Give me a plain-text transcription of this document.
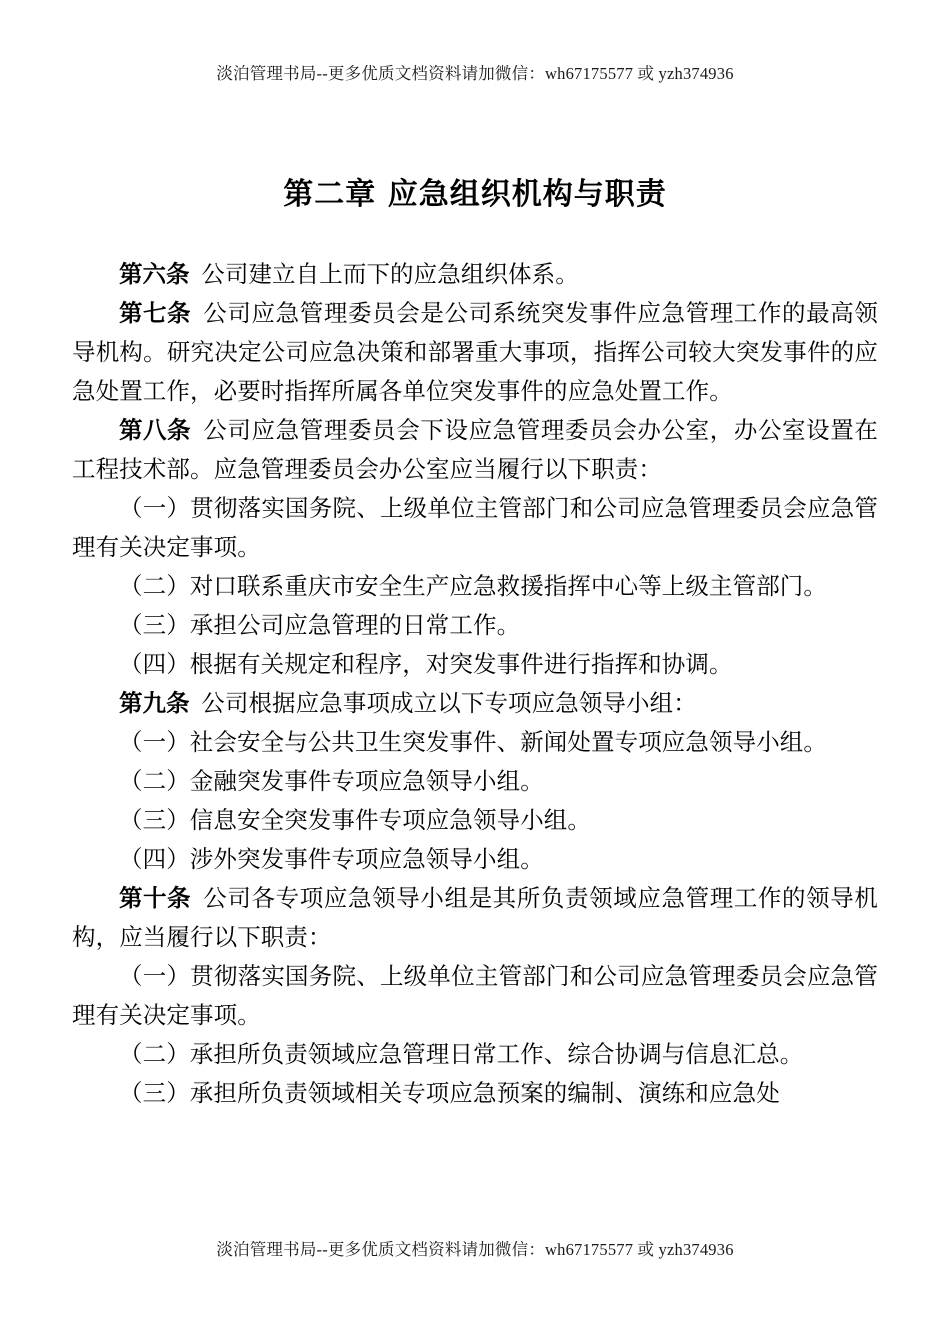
淡泊管理书局--更多优质文档资料请加微信：wh67175577 或 yzh374936
第二章 应急组织机构与职责

第六条 公司建立自上而下的应急组织体系。

第七条 公司应急管理委员会是公司系统突发事件应急管理工作的最高领导机构。研究决定公司应急决策和部署重大事项，指挥公司较大突发事件的应急处置工作，必要时指挥所属各单位突发事件的应急处置工作。

第八条 公司应急管理委员会下设应急管理委员会办公室，办公室设置在工程技术部。应急管理委员会办公室应当履行以下职责：

（一）贯彻落实国务院、上级单位主管部门和公司应急管理委员会应急管理有关决定事项。

（二）对口联系重庆市安全生产应急救援指挥中心等上级主管部门。

（三）承担公司应急管理的日常工作。

（四）根据有关规定和程序，对突发事件进行指挥和协调。

第九条 公司根据应急事项成立以下专项应急领导小组：

（一）社会安全与公共卫生突发事件、新闻处置专项应急领导小组。

（二）金融突发事件专项应急领导小组。

（三）信息安全突发事件专项应急领导小组。

（四）涉外突发事件专项应急领导小组。

第十条 公司各专项应急领导小组是其所负责领域应急管理工作的领导机构，应当履行以下职责：

（一）贯彻落实国务院、上级单位主管部门和公司应急管理委员会应急管理有关决定事项。

（二）承担所负责领域应急管理日常工作、综合协调与信息汇总。

（三）承担所负责领域相关专项应急预案的编制、演练和应急处

淡泊管理书局--更多优质文档资料请加微信：wh67175577 或 yzh374936
